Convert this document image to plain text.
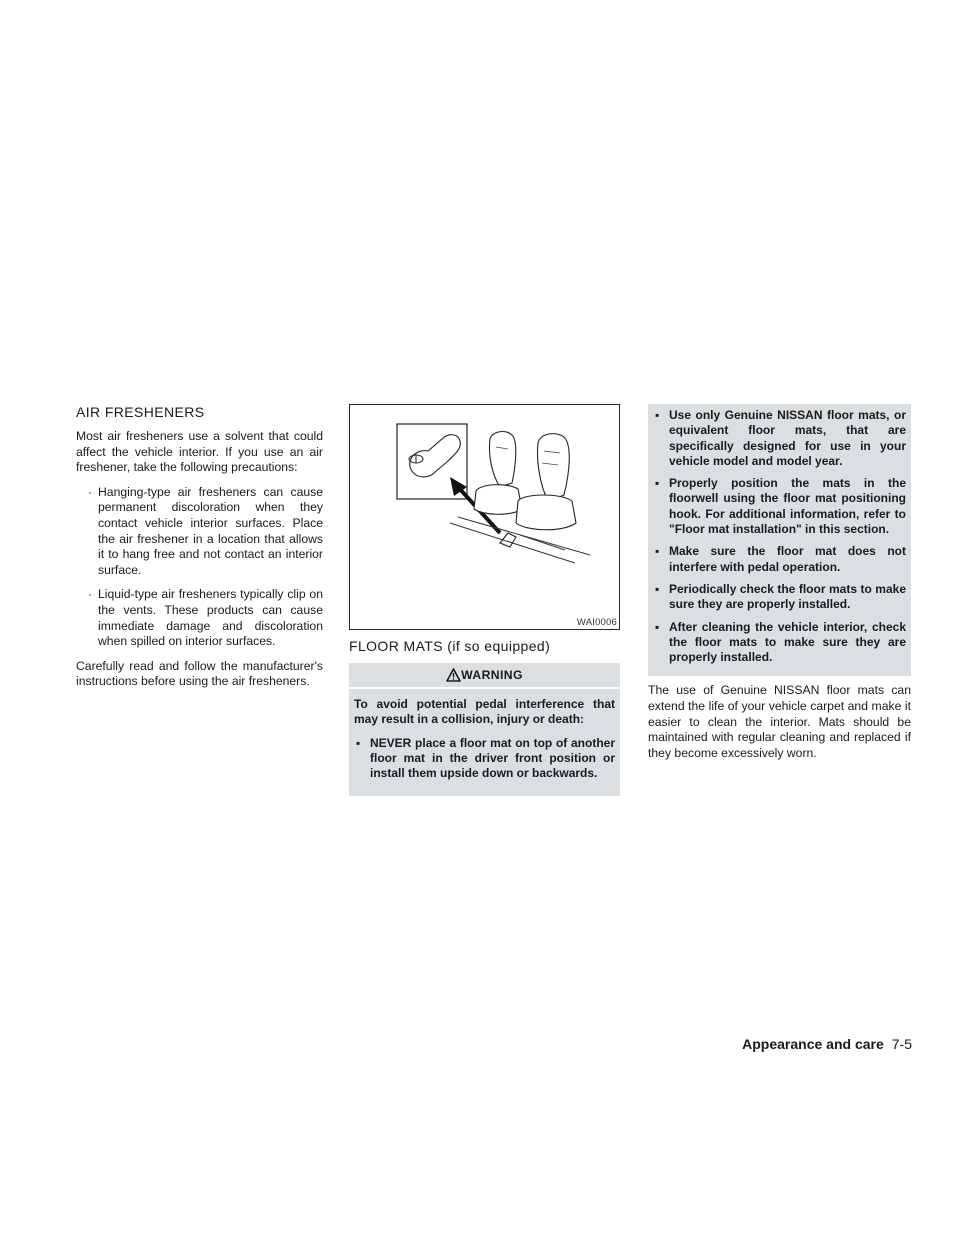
AIR FRESHENERS

Most air fresheners use a solvent that could affect the vehicle interior. If you use an air freshener, take the following precautions:

· Hanging-type air fresheners can cause permanent discoloration when they contact vehicle interior surfaces. Place the air freshener in a location that allows it to hang free and not contact an interior surface.
· Liquid-type air fresheners typically clip on the vents. These products can cause immediate damage and discoloration when spilled on interior surfaces.

Carefully read and follow the manufacturer's instructions before using the air fresheners.

WAI0006
FLOOR MATS (if so equipped)
WARNING

To avoid potential pedal interference that may result in a collision, injury or death:

▪ NEVER place a floor mat on top of another floor mat in the driver front position or install them upside down or backwards.
▪ Use only Genuine NISSAN floor mats, or equivalent floor mats, that are specifically designed for use in your vehicle model and model year.
▪ Properly position the mats in the floorwell using the floor mat positioning hook. For additional information, refer to "Floor mat installation" in this section.
▪ Make sure the floor mat does not interfere with pedal operation.
▪ Periodically check the floor mats to make sure they are properly installed.
▪ After cleaning the vehicle interior, check the floor mats to make sure they are properly installed.

The use of Genuine NISSAN floor mats can extend the life of your vehicle carpet and make it easier to clean the interior. Mats should be maintained with regular cleaning and replaced if they become excessively worn.

Appearance and care 7-5
